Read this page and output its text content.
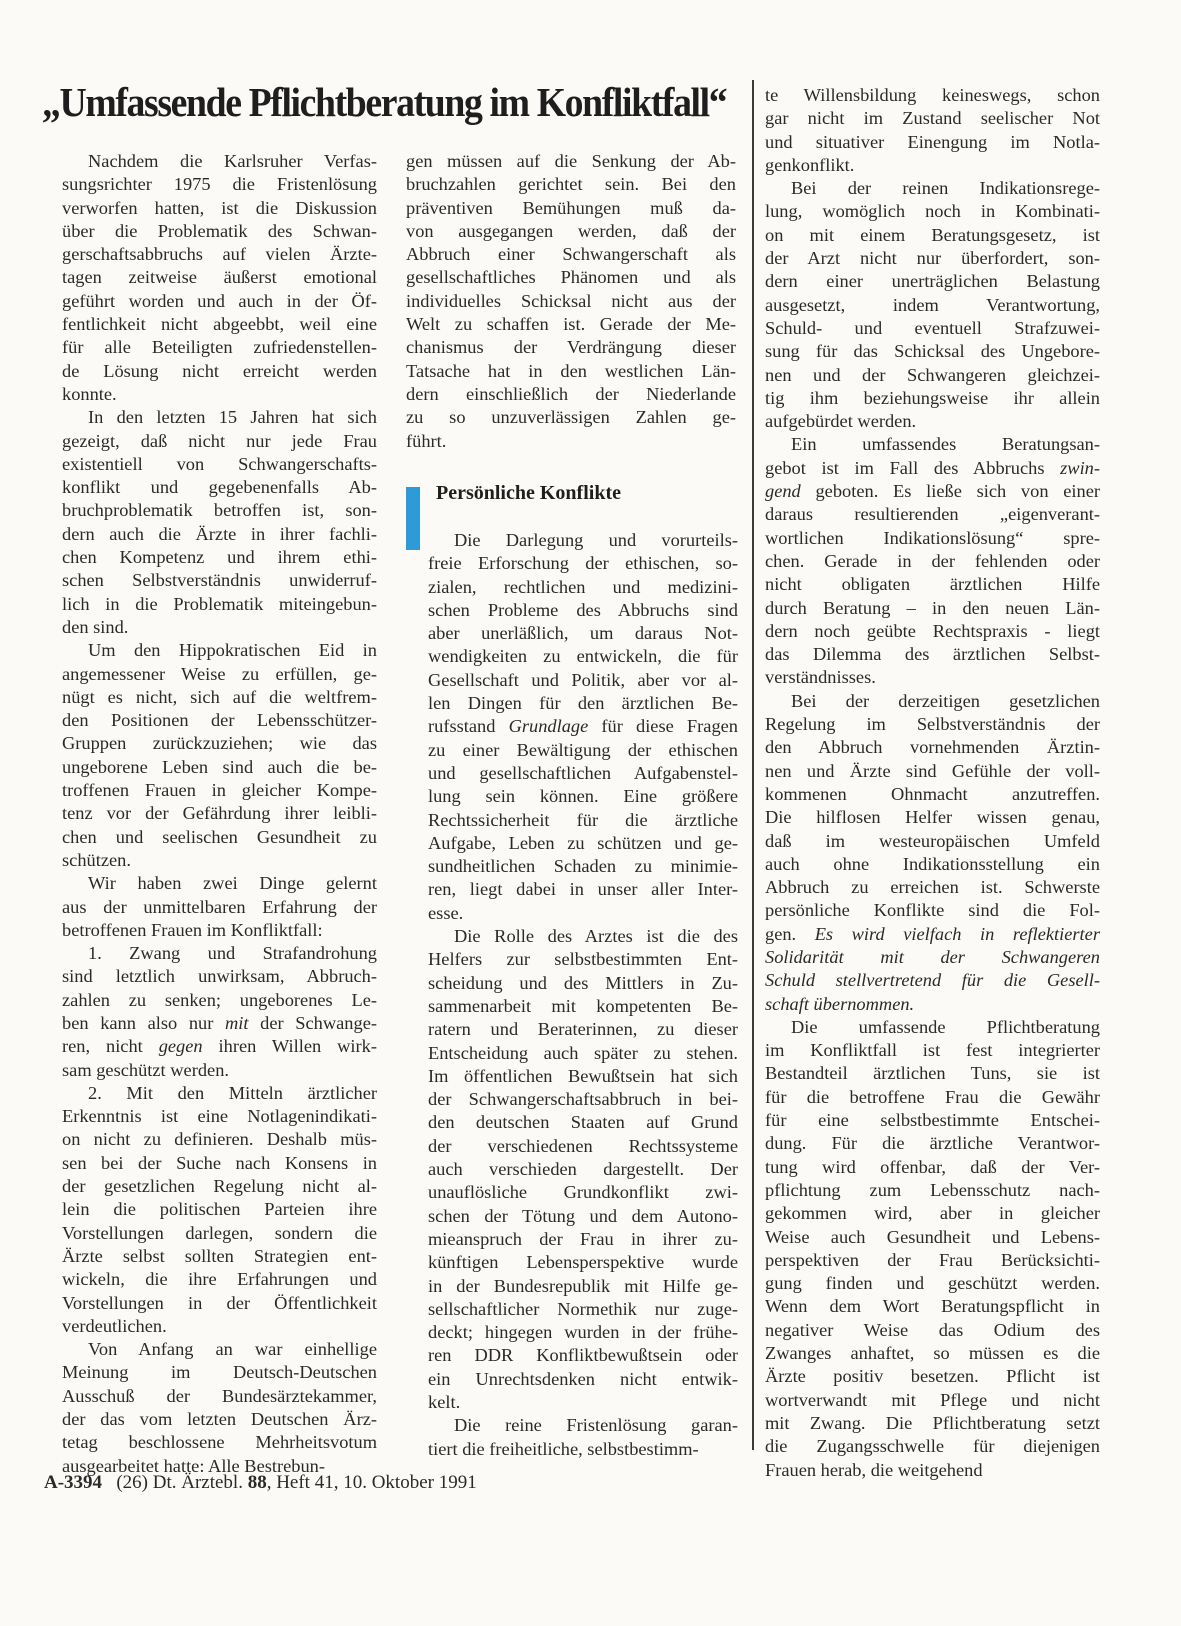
„Umfassende Pflichtberatung im Konfliktfall“

Nachdem die Karlsruher Verfas-
sungsrichter 1975 die Fristenlösung
verworfen hatten, ist die Diskussion
über die Problematik des Schwan-
gerschaftsabbruchs auf vielen Ärzte-
tagen zeitweise äußerst emotional
geführt worden und auch in der Öf-
fentlichkeit nicht abgeebbt, weil eine
für alle Beteiligten zufriedenstellen-
de Lösung nicht erreicht werden
konnte.

In den letzten 15 Jahren hat sich
gezeigt, daß nicht nur jede Frau
existentiell von Schwangerschafts-
konflikt und gegebenenfalls Ab-
bruchproblematik betroffen ist, son-
dern auch die Ärzte in ihrer fachli-
chen Kompetenz und ihrem ethi-
schen Selbstverständnis unwiderruf-
lich in die Problematik miteingebun-
den sind.

Um den Hippokratischen Eid in
angemessener Weise zu erfüllen, ge-
nügt es nicht, sich auf die weltfrem-
den Positionen der Lebensschützer-
Gruppen zurückzuziehen; wie das
ungeborene Leben sind auch die be-
troffenen Frauen in gleicher Kompe-
tenz vor der Gefährdung ihrer leibli-
chen und seelischen Gesundheit zu
schützen.

Wir haben zwei Dinge gelernt
aus der unmittelbaren Erfahrung der
betroffenen Frauen im Konfliktfall:

1. Zwang und Strafandrohung
sind letztlich unwirksam, Abbruch-
zahlen zu senken; ungeborenes Le-
ben kann also nur mit der Schwange-
ren, nicht gegen ihren Willen wirk-
sam geschützt werden.

2. Mit den Mitteln ärztlicher
Erkenntnis ist eine Notlagenindikati-
on nicht zu definieren. Deshalb müs-
sen bei der Suche nach Konsens in
der gesetzlichen Regelung nicht al-
lein die politischen Parteien ihre
Vorstellungen darlegen, sondern die
Ärzte selbst sollten Strategien ent-
wickeln, die ihre Erfahrungen und
Vorstellungen in der Öffentlichkeit
verdeutlichen.

Von Anfang an war einhellige
Meinung im Deutsch-Deutschen
Ausschuß der Bundesärztekammer,
der das vom letzten Deutschen Ärz-
tetag beschlossene Mehrheitsvotum
ausgearbeitet hatte: Alle Bestrebun-

gen müssen auf die Senkung der Ab-
bruchzahlen gerichtet sein. Bei den
präventiven Bemühungen muß da-
von ausgegangen werden, daß der
Abbruch einer Schwangerschaft als
gesellschaftliches Phänomen und als
individuelles Schicksal nicht aus der
Welt zu schaffen ist. Gerade der Me-
chanismus der Verdrängung dieser
Tatsache hat in den westlichen Län-
dern einschließlich der Niederlande
zu so unzuverlässigen Zahlen ge-
führt.

Persönliche Konflikte

Die Darlegung und vorurteils-
freie Erforschung der ethischen, so-
zialen, rechtlichen und medizini-
schen Probleme des Abbruchs sind
aber unerläßlich, um daraus Not-
wendigkeiten zu entwickeln, die für
Gesellschaft und Politik, aber vor al-
len Dingen für den ärztlichen Be-
rufsstand Grundlage für diese Fragen
zu einer Bewältigung der ethischen
und gesellschaftlichen Aufgabenstel-
lung sein können. Eine größere
Rechtssicherheit für die ärztliche
Aufgabe, Leben zu schützen und ge-
sundheitlichen Schaden zu minimie-
ren, liegt dabei in unser aller Inter-
esse.

Die Rolle des Arztes ist die des
Helfers zur selbstbestimmten Ent-
scheidung und des Mittlers in Zu-
sammenarbeit mit kompetenten Be-
ratern und Beraterinnen, zu dieser
Entscheidung auch später zu stehen.
Im öffentlichen Bewußtsein hat sich
der Schwangerschaftsabbruch in bei-
den deutschen Staaten auf Grund
der verschiedenen Rechtssysteme
auch verschieden dargestellt. Der
unauflösliche Grundkonflikt zwi-
schen der Tötung und dem Autono-
mieanspruch der Frau in ihrer zu-
künftigen Lebensperspektive wurde
in der Bundesrepublik mit Hilfe ge-
sellschaftlicher Normethik nur zuge-
deckt; hingegen wurden in der frühe-
ren DDR Konfliktbewußtsein oder
ein Unrechtsdenken nicht entwik-
kelt.

Die reine Fristenlösung garan-
tiert die freiheitliche, selbstbestimm-

te Willensbildung keineswegs, schon
gar nicht im Zustand seelischer Not
und situativer Einengung im Notla-
genkonflikt.

Bei der reinen Indikationsrege-
lung, womöglich noch in Kombinati-
on mit einem Beratungsgesetz, ist
der Arzt nicht nur überfordert, son-
dern einer unerträglichen Belastung
ausgesetzt, indem Verantwortung,
Schuld- und eventuell Strafzuwei-
sung für das Schicksal des Ungebore-
nen und der Schwangeren gleichzei-
tig ihm beziehungsweise ihr allein
aufgebürdet werden.

Ein umfassendes Beratungsan-
gebot ist im Fall des Abbruchs zwin-
gend geboten. Es ließe sich von einer
daraus resultierenden „eigenverant-
wortlichen Indikationslösung“ spre-
chen. Gerade in der fehlenden oder
nicht obligaten ärztlichen Hilfe
durch Beratung – in den neuen Län-
dern noch geübte Rechtspraxis - liegt
das Dilemma des ärztlichen Selbst-
verständnisses.

Bei der derzeitigen gesetzlichen
Regelung im Selbstverständnis der
den Abbruch vornehmenden Ärztin-
nen und Ärzte sind Gefühle der voll-
kommenen Ohnmacht anzutreffen.
Die hilflosen Helfer wissen genau,
daß im westeuropäischen Umfeld
auch ohne Indikationsstellung ein
Abbruch zu erreichen ist. Schwerste
persönliche Konflikte sind die Fol-
gen. Es wird vielfach in reflektierter
Solidarität mit der Schwangeren
Schuld stellvertretend für die Gesell-
schaft übernommen.

Die umfassende Pflichtberatung
im Konfliktfall ist fest integrierter
Bestandteil ärztlichen Tuns, sie ist
für die betroffene Frau die Gewähr
für eine selbstbestimmte Entschei-
dung. Für die ärztliche Verantwor-
tung wird offenbar, daß der Ver-
pflichtung zum Lebensschutz nach-
gekommen wird, aber in gleicher
Weise auch Gesundheit und Lebens-
perspektiven der Frau Berücksichti-
gung finden und geschützt werden.
Wenn dem Wort Beratungspflicht in
negativer Weise das Odium des
Zwanges anhaftet, so müssen es die
Ärzte positiv besetzen. Pflicht ist
wortverwandt mit Pflege und nicht
mit Zwang. Die Pflichtberatung setzt
die Zugangsschwelle für diejenigen
Frauen herab, die weitgehend

A-3394 (26) Dt. Ärztebl. 88, Heft 41, 10. Oktober 1991
